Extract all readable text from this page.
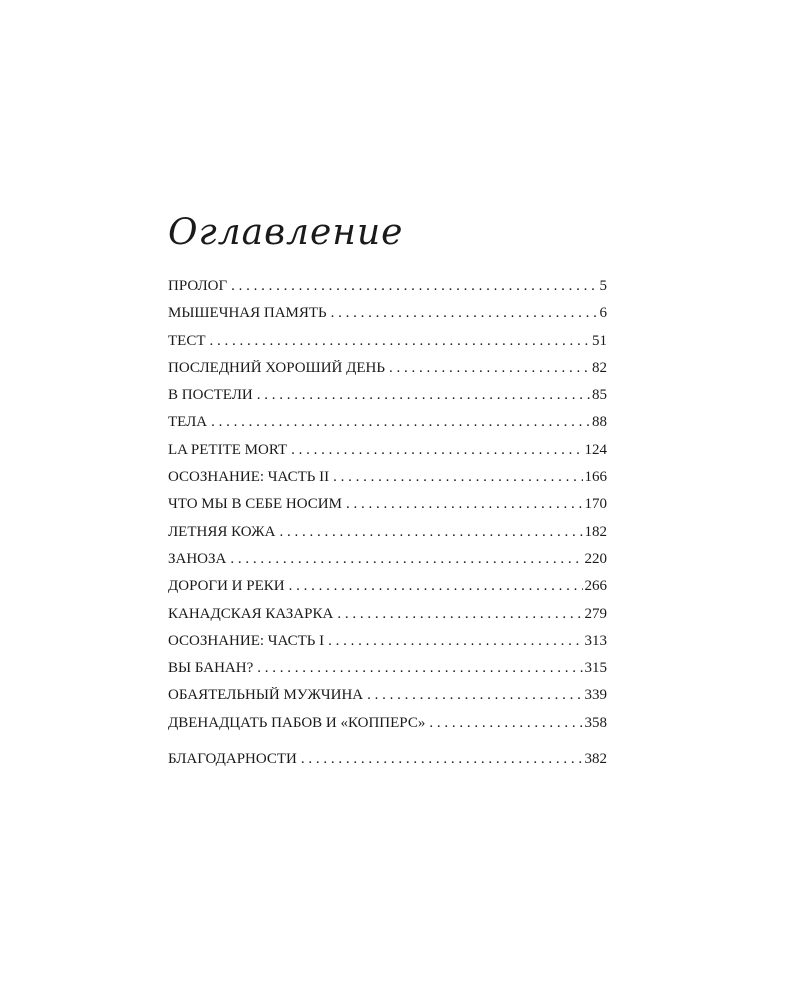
Оглавление
ПРОЛОГ . . .	5
МЫШЕЧНАЯ ПАМЯТЬ . . .	6
ТЕСТ . . .	51
ПОСЛЕДНИЙ ХОРОШИЙ ДЕНЬ . . .	82
В ПОСТЕЛИ . . .	85
ТЕЛА . . .	88
LA PETITE MORT . . .	124
ОСОЗНАНИЕ: ЧАСТЬ II . . .	166
ЧТО МЫ В СЕБЕ НОСИМ . . .	170
ЛЕТНЯЯ КОЖА . . .	182
ЗАНОЗА . . .	220
ДОРОГИ И РЕКИ . . .	266
КАНАДСКАЯ КАЗАРКА . . .	279
ОСОЗНАНИЕ: ЧАСТЬ I . . .	313
ВЫ БАНАН? . . .	315
ОБАЯТЕЛЬНЫЙ МУЖЧИНА . . .	339
ДВЕНАДЦАТЬ ПАБОВ И «КОППЕРС» . . .	358
БЛАГОДАРНОСТИ . . .	382
